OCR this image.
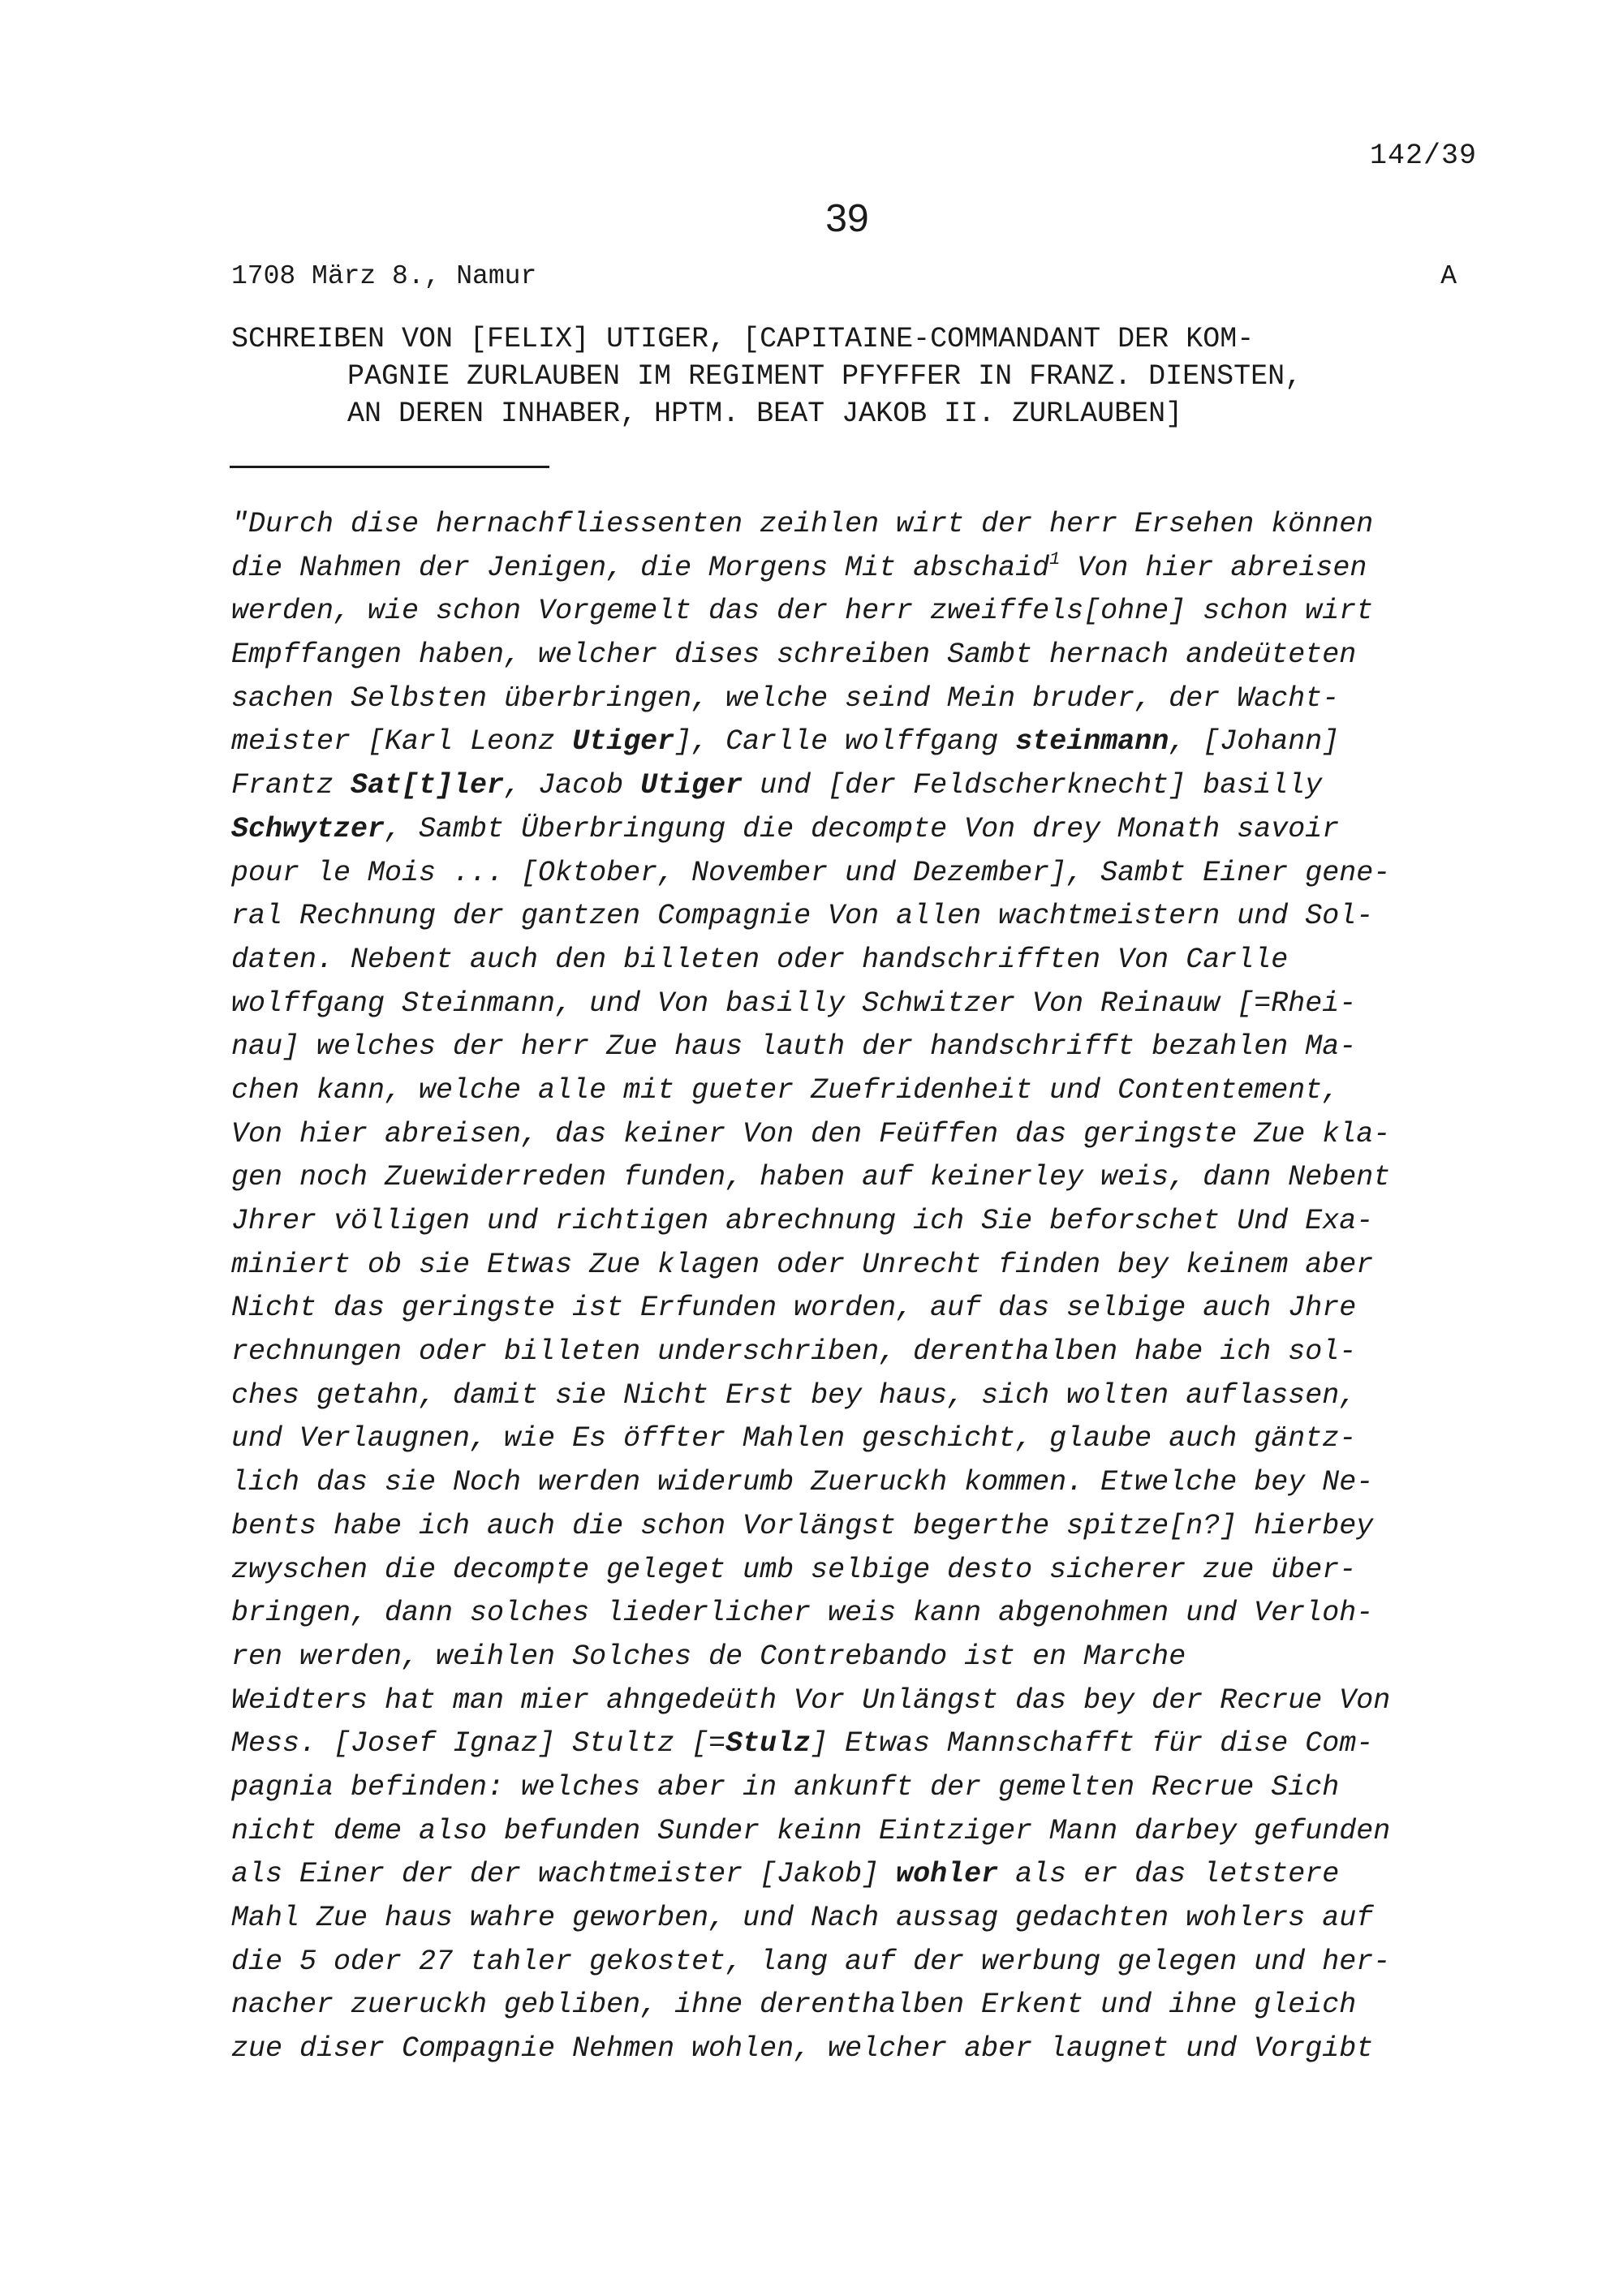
142/39
39
1708 März 8., Namur	A
SCHREIBEN VON [FELIX] UTIGER, [CAPITAINE-COMMANDANT DER KOM-
PAGNIE ZURLAUBEN IM REGIMENT PFYFFER IN FRANZ. DIENSTEN,
AN DEREN INHABER, HPTM. BEAT JAKOB II. ZURLAUBEN]
"Durch dise hernachfliessenten zeihlen wirt der herr Ersehen können
die Nahmen der Jenigen, die Morgens Mit abschaid$^1$ Von hier abreisen
werden, wie schon Vorgemelt das der herr zweiffels[ohne] schon wirt
Empffangen haben, welcher dises schreiben Sambt hernach andeüteten
sachen Selbsten überbringen, welche seind Mein bruder, der Wacht-
meister [Karl Leonz Utiger], Carlle wolffgang steinmann, [Johann]
Frantz Sat[t]ler, Jacob Utiger und [der Feldscherknecht] basilly
Schwytzer, Sambt Überbringung die decompte Von drey Monath savoir
pour le Mois ... [Oktober, November und Dezember], Sambt Einer gene-
ral Rechnung der gantzen Compagnie Von allen wachtmeistern und Sol-
daten. Nebent auch den billeten oder handschrifften Von Carlle
wolffgang Steinmann, und Von basilly Schwitzer Von Reinauw [=Rhei-
nau] welches der herr Zue haus lauth der handschrifft bezahlen Ma-
chen kann, welche alle mit gueter Zuefridenheit und Contentement,
Von hier abreisen, das keiner Von den Feüffen das geringste Zue kla-
gen noch Zuewiderreden funden, haben auf keinerley weis, dann Nebent
Jhrer völligen und richtigen abrechnung ich Sie beforschet Und Exa-
miniert ob sie Etwas Zue klagen oder Unrecht finden bey keinem aber
Nicht das geringste ist Erfunden worden, auf das selbige auch Jhre
rechnungen oder billeten underschriben, derenthalben habe ich sol-
ches getahn, damit sie Nicht Erst bey haus, sich wolten auflassen,
und Verlaugnen, wie Es öffter Mahlen geschicht, glaube auch gäntz-
lich das sie Noch werden widerumb Zueruckh kommen. Etwelche bey Ne-
bents habe ich auch die schon Vorlängst begerthe spitze[n?] hierbey
zwyschen die decompte geleget umb selbige desto sicherer zue über-
bringen, dann solches liederlicher weis kann abgenohmen und Verloh-
ren werden, weihlen Solches de Contrebando ist en Marche
Weidters hat man mier ahngedeüth Vor Unlängst das bey der Recrue Von
Mess. [Josef Ignaz] Stultz [=Stulz] Etwas Mannschafft für dise Com-
pagnia befinden: welches aber in ankunft der gemelten Recrue Sich
nicht deme also befunden Sunder keinn Eintziger Mann darbey gefunden
als Einer der der wachtmeister [Jakob] wohler als er das letstere
Mahl Zue haus wahre geworben, und Nach aussag gedachten wohlers auf
die 5 oder 27 tahler gekostet, lang auf der werbung gelegen und her-
nacher zueruckh gebliben, ihne derenthalben Erkent und ihne gleich
zue diser Compagnie Nehmen wohlen, welcher aber laugnet und Vorgibt
